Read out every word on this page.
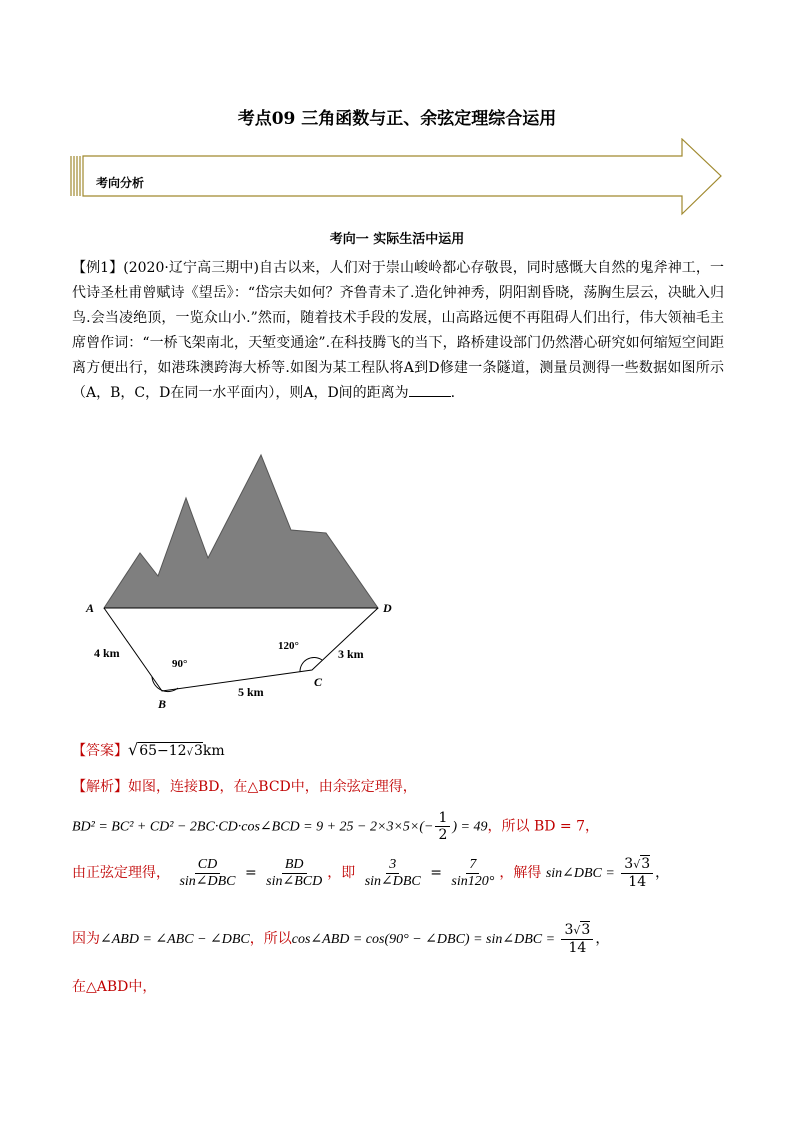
考点09 三角函数与正、余弦定理综合运用
考向分析
考向一 实际生活中运用
【例1】(2020·辽宁高三期中)自古以来，人们对于崇山峻岭都心存敬畏，同时感慨大自然的鬼斧神工，一代诗圣杜甫曾赋诗《望岳》：“岱宗夫如何？齐鲁青未了.造化钟神秀，阴阳割昏晓，荡胸生层云，决眦入归鸟.会当凌绝顶，一览众山小.”然而，随着技术手段的发展，山高路远便不再阻碍人们出行，伟大领袖毛主席曾作词：“一桥飞架南北，天堑变通途”.在科技腾飞的当下，路桥建设部门仍然潜心研究如何缩短空间距离方便出行，如港珠澳跨海大桥等.如图为某工程队将A到D修建一条隧道，测量员测得一些数据如图所示（A，B，C，D在同一水平面内），则A，D间的距离为	.
A	D
B
C
4 km
5 km
3 km
90°
120°
【答案】√65−12√3km
【解析】如图，连接BD，在△BCD中，由余弦定理得，
BD² = BC² + CD² − 2BC·CD·cos∠BCD = $9 + 25 - 2\times 3\times 5\times(- \frac{1}{2}$ ) = 49，所以 BD = 7，
由正弦定理得， $\frac{CD}{\text{sin∠DBC}} = \frac{BD}{\text{sin∠BCD}}$ ，即 $\frac{3}{\text{sin∠DBC}} = \frac{7}{\sin 120^\circ}$ ，解得 sin∠DBC = $\frac{3√3}{14}$ ，
因为∠ABD = ∠ABC − ∠DBC，所以cos∠ABD = cos(90° − ∠DBC) = sin∠DBC = $\frac{3√3}{14}$ ，
在△ABD中，
